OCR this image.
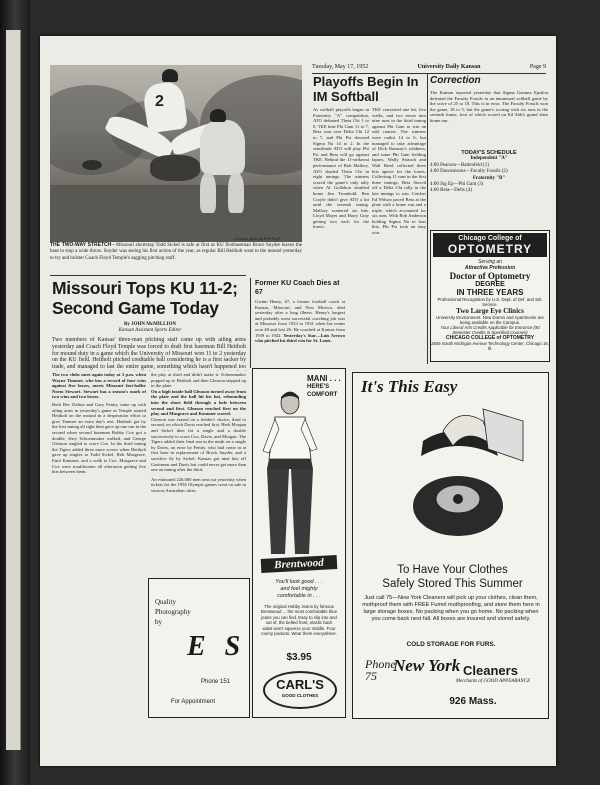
Tuesday, May 17, 1952	University Daily Kansan	Page 9
2
—Kansan photo by Pete Ford
THE TWO-WAY STRETCH—Missouri shortstop Todd Sickel is safe at first as KU firstbaseman Bruce Snyder leaves the base to stop a wide throw. Snyder was seeing his first action of the year, as regular Bill Heitholt went to the mound yesterday to try and bolster Coach Floyd Temple's sagging pitching staff.
Missouri Tops KU 11-2; Second Game Today
By JOHN McMILLION
Kansan Assistant Sports Editor
Two members of Kansas' three-man pitching staff came up with ailing arms yesterday and Coach Floyd Temple was forced to draft first baseman Bill Heitholt for mound duty in a game which the University of Missouri won 11 to 2 yesterday on the KU field. Heitholt pitched creditable ball considering he is a first sacker by trade, and managed to last the entire game, something which hasn't happened too
The two clubs meet again today at 3 p.m. when Wayne Timmer, who has a record of four wins against five losses, meets Missouri fast-baller Norm Stewart. Stewart has a season's mark of two wins and two losses.
Both Bev Dalton and Gary Fenity came up with ailing arms in yesterday's game as Temple started Heitholt on the mound in a desperation effort to give Timmer an extra day's rest. Heitholt got by the first inning all right then gave up one run in the second when second baseman Bobby Cox got a double, Jerry Schoenmaker walked, and George Gleason singled to score Cox. In the third inning the Tigers added three more scores when Heitholt gave up singles to Todd Sickel, Bob Musgrave, Emil Kammer, and a walk to Cox. Musgrave and Cox were troublesome all afternoon getting five hits between them.
the play at third and didn't make it. Schoenmaker popped up to Heitholt and then Gleason stepped up to the plate.
On a high inside ball Gleason turned away from the plate and the ball hit his bat, rebounding into the short field through a hole between second and first. Gleason reached first on the play and Musgrave and Kammer scored.
Gleason was erased on a fielder's choice, third to second, on which Davis reached first. Herb Morgan and Sickel then hit a single and a double successively to score Cox, Davis, and Morgan. The Tigers added their final run in the ninth on a single by Davis, an error by Fenity, who had come in at first base in replacement of Brock Snyder, and a sacrifice fly by Sickel. Kansas got nine hits off Gastineau and Davis but could never get more than one an inning after the third.
An estimated 226,000 men sent out yesterday when tickets for the 1956 Olympic games went on sale in various Australian cities.
Former KU Coach Dies at 67
Gwinn Henry, 67, a former football coach at Kansas, Missouri, and New Mexico, died yesterday after a long illness. Henry's longest and probably most successful coaching job was at Missouri from 1923 to 1931 when his teams won 48 and lost 26. He coached at Kansas from 1939 to 1942. Yesterday's Star—Luis Arroyo who pitched his third win for St. Louis.
Playoffs Begin In IM Softball
As softball playoffs began in Fraternity "A" competition, ATO defeated Theta Chi 1 to 0, TKE beat Phi Gam 11 to 7, Beta won over Delta Chi 12 to 7, and Phi Psi downed Sigma Nu 14 to 2. In the semifinals ATO will play Phi Psi and Beta will go against TKE. Behind the 11-strikeout performance of Bob Mallory, ATO shaded Theta Chi in eight innings. The winners scored the game's only tally when Al Gollehon doubled home Jim Trombold. Ben Croyle didn't give ATO a hit until the seventh inning. Mallory scattered six hits. Lloyd Mayer and Harry Gray getting two each for the losers.
TKE converted one hit, five walks, and two errors into nine runs in the third inning against Phi Gam to win an odd contest. The winners were outhit 14 to 6, but managed to take advantage of Dick Rumsey's wildness, and some Phi Gam fielding lapses. Wally Strauch and Walt Reed collected three hits apiece for the losers. Collecting 11 runs in the first three innings, Beta Staved off a Delta Chi rally in the late innings to win. Catcher Ed Wilson paced Beta at the plate with a home run and a triple, which accounted for six runs. With Bob Anderson holding Sigma Nu to four hits, Phi Psi took an easy win.
Correction
The Kansan reported yesterday that Sigma Gamma Epsilon defeated the Faculty Fossils in an intramural softball game by the score of 25 to 18. This is in error. The Faculty Fossils won the game, 18 to 5, but the game's scoring with six runs in the seventh frame, four of which scored on Ed Aldi's grand slam home run.
TODAY'S SCHEDULE
Independent "A"
4:00 Pearson—Battenfeld (1)
4:00 Dawsonsons—Faculty Fossils (2)
Fraternity "B"
4:00 Sig Ep—Phi Gam (3)
4:00 Beta—Delts (4)
Chicago College of
OPTOMETRY
Serving an
Attractive Profession
Doctor of Optometry
DEGREE
IN THREE YEARS
Professional Recognition by U.S. Dept. of Def. and Sel. Service.
Two Large Eye Clinics
University Environment. New Dorms and Apartments are being available on the Campus.
Your Liberal Arts Credits Applicable for Entrance (90 Semester Credits in Specified Courses)
CHICAGO COLLEGE of OPTOMETRY
2845 South Michigan Avenue Technology Center, Chicago 16, Ill.
MANI . . .
HERE'S
COMFORT
Brentwood
You'll look good . . .
and feel mighty
comfortable in . . .
The original Hobby Jeans by famous Brentwood ... the most comfortable blue jeans you can find. Easy to slip into and out of, the belted front, elastic back waist won't squeeze your middle. Four roomy pockets. Wear them everywhere.
$3.95
CARL'S
GOOD CLOTHES
Quality
Photography
by
E S
Phone 151
For Appointment
It's This Easy
To Have Your Clothes
Safely Stored This Summer
Just call 75—New York Cleaners will pick up your clothes, clean them, mothproof them with FREE Fumol mothproofing, and store them here in large storage boxes. No packing when you go home. No packing when you come back next fall. All boxes are insured and stored safely.
COLD STORAGE FOR FURS.
Phone 75
New York Cleaners
Merchants of GOOD APPEARANCE
926 Mass.
